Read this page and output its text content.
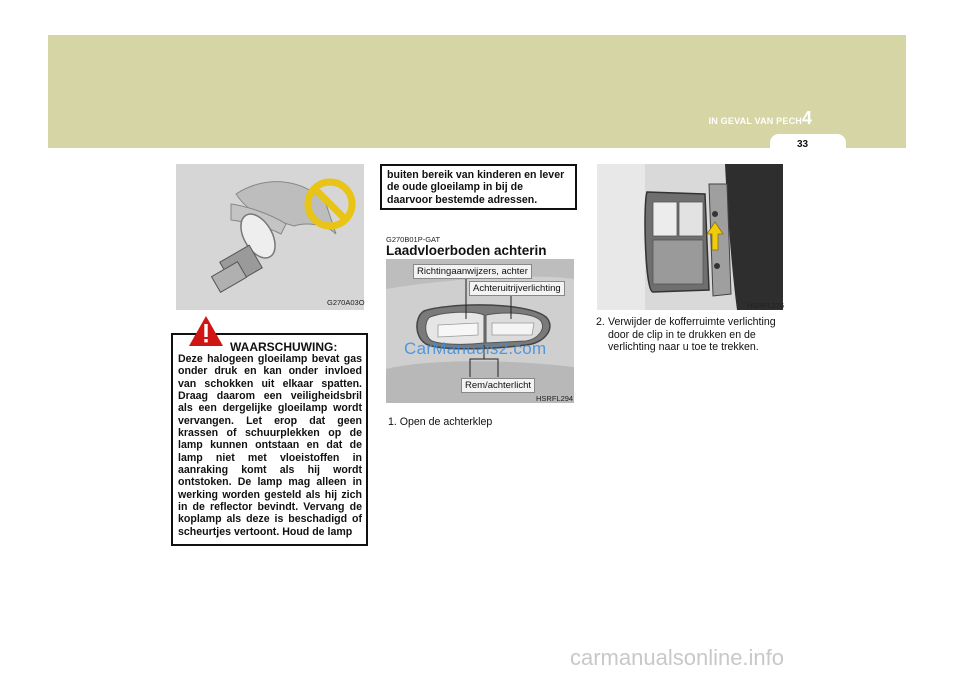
4
IN GEVAL VAN PECH
33
G270A03O
WAARSCHUWING:
Deze halogeen gloeilamp bevat gas onder druk en kan onder invloed van schokken uit elkaar spatten. Draag daarom een veiligheidsbril als een dergelijke gloeilamp wordt vervangen. Let erop dat geen krassen of schuurplekken op de lamp kunnen ontstaan en dat de lamp niet met vloeistoffen in aanraking komt als hij wordt ontstoken. De lamp mag alleen in werking worden gesteld als hij zich in de reflector bevindt. Vervang de koplamp als deze is beschadigd of scheurtjes vertoont. Houd de lamp
buiten bereik van kinderen en lever de oude gloeilamp in bij de daarvoor bestemde adressen.
G270B01P-GAT
Laadvloerboden achterin
Richtingaanwijzers, achter
Achteruitrijverlichting
Rem/achterlicht
CarManuals2.com
HSRFL294
1. Open de achterklep
HSRFL276
2. Verwijder de kofferruimte verlichting door de clip in te drukken en de verlichting naar u toe te trekken.
carmanualsonline.info
